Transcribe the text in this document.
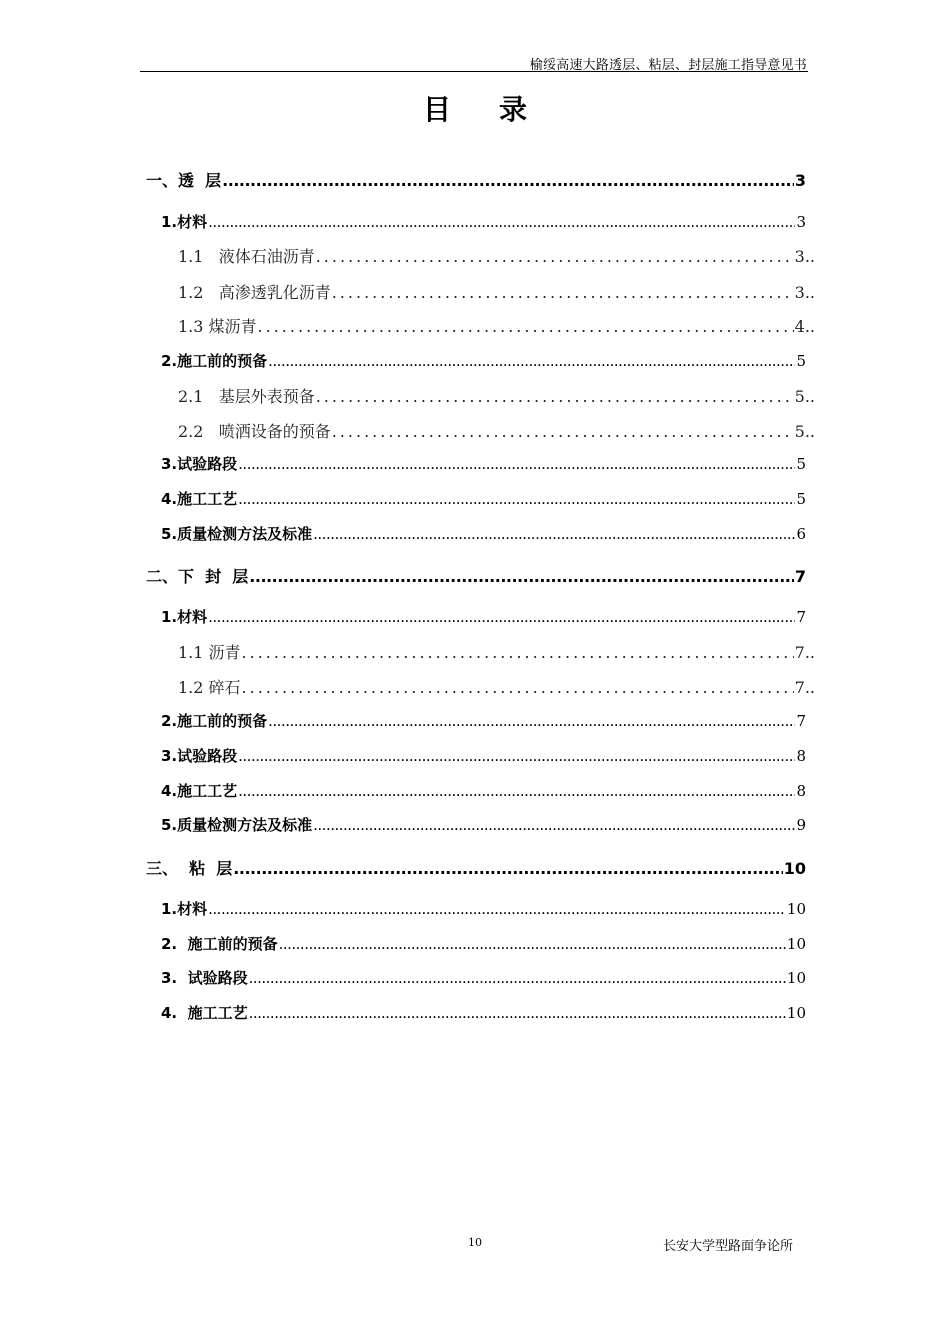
榆绥高速大路透层、粘层、封层施工指导意见书
目 录
一、透  层 .....	3
1.材料 .....	3
1.1   液体石油沥青 .....	3..
1.2   高渗透乳化沥青 .....	3..
1.3 煤沥青 .....	4..
2.施工前的预备 .....	5
2.1   基层外表预备 .....	5..
2.2   喷洒设备的预备 .....	5..
3.试验路段 .....	5
4.施工工艺 .....	5
5.质量检测方法及标准 .....	6
二、下  封  层 .....	7
1.材料 .....	7
1.1 沥青 .....	7..
1.2 碎石 .....	7..
2.施工前的预备 .....	7
3.试验路段 .....	8
4.施工工艺 .....	8
5.质量检测方法及标准 .....	9
三、  粘  层 .....	10
1.材料 .....	10
2.  施工前的预备 .....	10
3.  试验路段 .....	10
4.  施工工艺 .....	10
10	长安大学型路面争论所
